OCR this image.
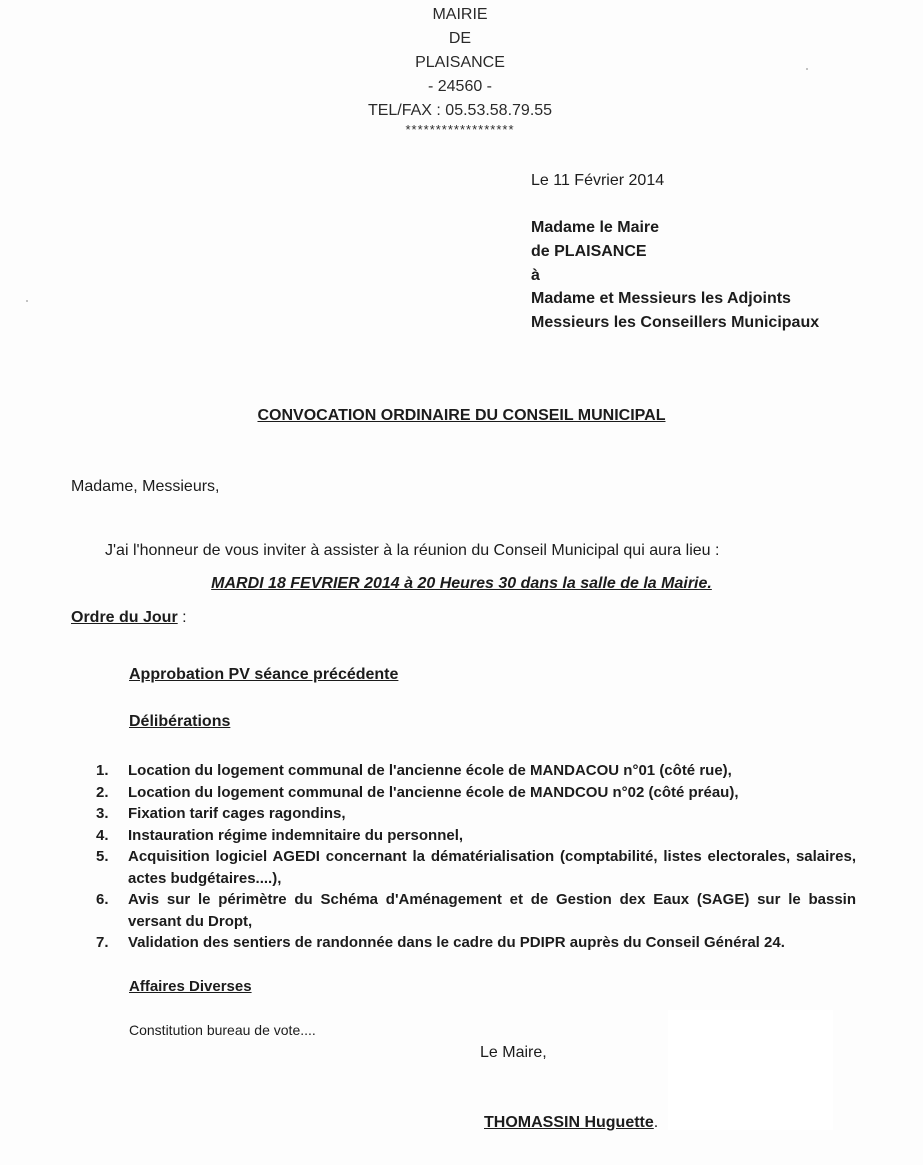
MAIRIE
DE
PLAISANCE
- 24560 -
TEL/FAX : 05.53.58.79.55
******************
Le 11 Février 2014
Madame le Maire
de PLAISANCE
à
Madame et Messieurs les Adjoints
Messieurs les Conseillers Municipaux
CONVOCATION ORDINAIRE DU CONSEIL MUNICIPAL
Madame, Messieurs,
J'ai l'honneur de vous inviter à assister à la réunion du Conseil Municipal qui aura lieu :
MARDI 18 FEVRIER 2014 à 20 Heures 30 dans la salle de la Mairie.
Ordre du Jour :
Approbation PV séance précédente
Délibérations
1.	Location du logement communal de l'ancienne école de MANDACOU n°01 (côté rue),
2.	Location du logement communal de l'ancienne école de MANDCOU n°02 (côté préau),
3.	Fixation tarif cages ragondins,
4.	Instauration régime indemnitaire du personnel,
5.	Acquisition logiciel AGEDI concernant la dématérialisation (comptabilité, listes electorales, salaires, actes budgétaires....),
6.	Avis sur le périmètre du Schéma d'Aménagement et de Gestion dex Eaux (SAGE) sur le bassin versant du Dropt,
7.	Validation des sentiers de randonnée dans le cadre du PDIPR auprès du Conseil Général 24.
Affaires Diverses
Constitution bureau de vote....
Le Maire,
THOMASSIN Huguette.
